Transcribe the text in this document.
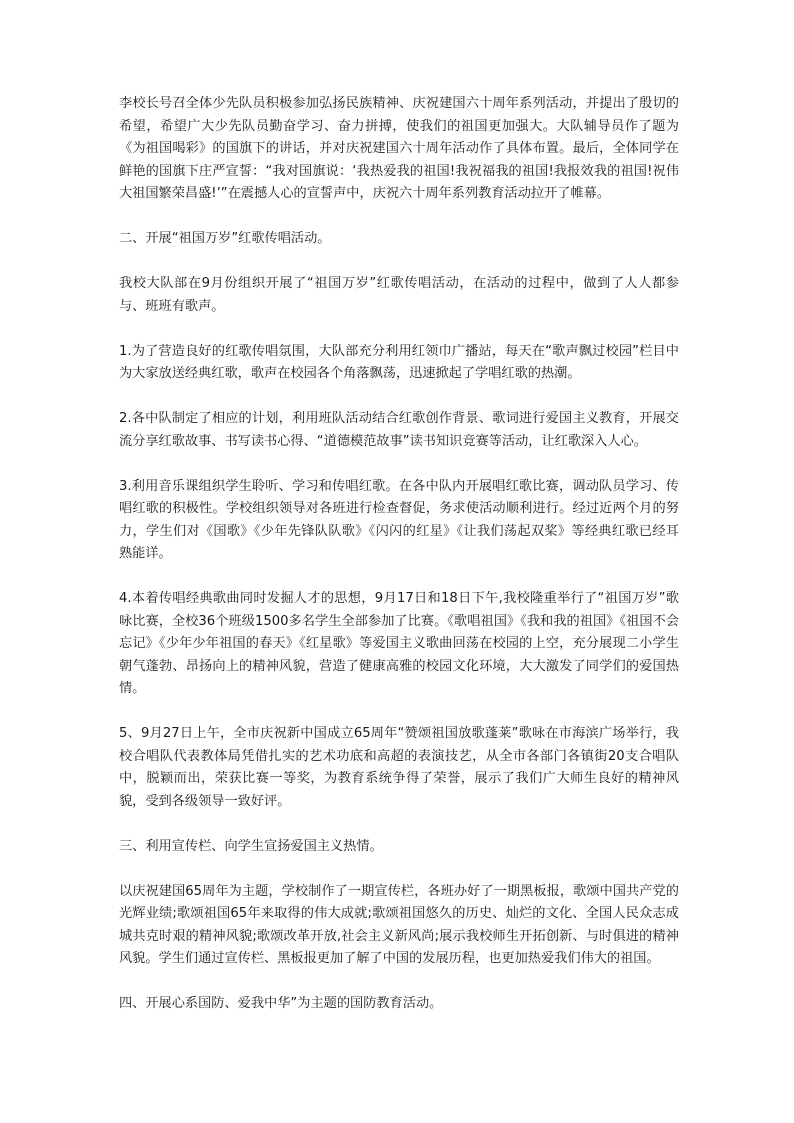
李校长号召全体少先队员积极参加弘扬民族精神、庆祝建国六十周年系列活动，并提出了殷切的希望，希望广大少先队员勤奋学习、奋力拼搏，使我们的祖国更加强大。大队辅导员作了题为《为祖国喝彩》的国旗下的讲话，并对庆祝建国六十周年活动作了具体布置。最后，全体同学在鲜艳的国旗下庄严宣誓：“我对国旗说：‘我热爱我的祖国!我祝福我的祖国!我报效我的祖国!祝伟大祖国繁荣昌盛!’”在震撼人心的宣誓声中，庆祝六十周年系列教育活动拉开了帷幕。

二、开展“祖国万岁”红歌传唱活动。

我校大队部在9月份组织开展了“祖国万岁”红歌传唱活动，在活动的过程中，做到了人人都参与、班班有歌声。

1.为了营造良好的红歌传唱氛围，大队部充分利用红领巾广播站，每天在“歌声飘过校园”栏目中为大家放送经典红歌，歌声在校园各个角落飘荡，迅速掀起了学唱红歌的热潮。

2.各中队制定了相应的计划，利用班队活动结合红歌创作背景、歌词进行爱国主义教育，开展交流分享红歌故事、书写读书心得、“道德模范故事”读书知识竞赛等活动，让红歌深入人心。

3.利用音乐课组织学生聆听、学习和传唱红歌。在各中队内开展唱红歌比赛，调动队员学习、传唱红歌的积极性。学校组织领导对各班进行检查督促，务求使活动顺利进行。经过近两个月的努力，学生们对《国歌》《少年先锋队队歌》《闪闪的红星》《让我们荡起双桨》等经典红歌已经耳熟能详。

4.本着传唱经典歌曲同时发掘人才的思想，9月17日和18日下午,我校隆重举行了“祖国万岁”歌咏比赛，全校36个班级1500多名学生全部参加了比赛。《歌唱祖国》《我和我的祖国》《祖国不会忘记》《少年少年祖国的春天》《红星歌》等爱国主义歌曲回荡在校园的上空，充分展现二小学生朝气蓬勃、昂扬向上的精神风貌，营造了健康高雅的校园文化环境，大大激发了同学们的爱国热情。

5、9月27日上午，全市庆祝新中国成立65周年“赞颂祖国放歌蓬莱”歌咏在市海滨广场举行，我校合唱队代表教体局凭借扎实的艺术功底和高超的表演技艺，从全市各部门各镇街20支合唱队中，脱颖而出，荣获比赛一等奖，为教育系统争得了荣誉，展示了我们广大师生良好的精神风貌，受到各级领导一致好评。

三、利用宣传栏、向学生宣扬爱国主义热情。

以庆祝建国65周年为主题，学校制作了一期宣传栏，各班办好了一期黑板报，歌颂中国共产党的光辉业绩;歌颂祖国65年来取得的伟大成就;歌颂祖国悠久的历史、灿烂的文化、全国人民众志成城共克时艰的精神风貌;歌颂改革开放,社会主义新风尚;展示我校师生开拓创新、与时俱进的精神风貌。学生们通过宣传栏、黑板报更加了解了中国的发展历程，也更加热爱我们伟大的祖国。

四、开展心系国防、爱我中华”为主题的国防教育活动。
